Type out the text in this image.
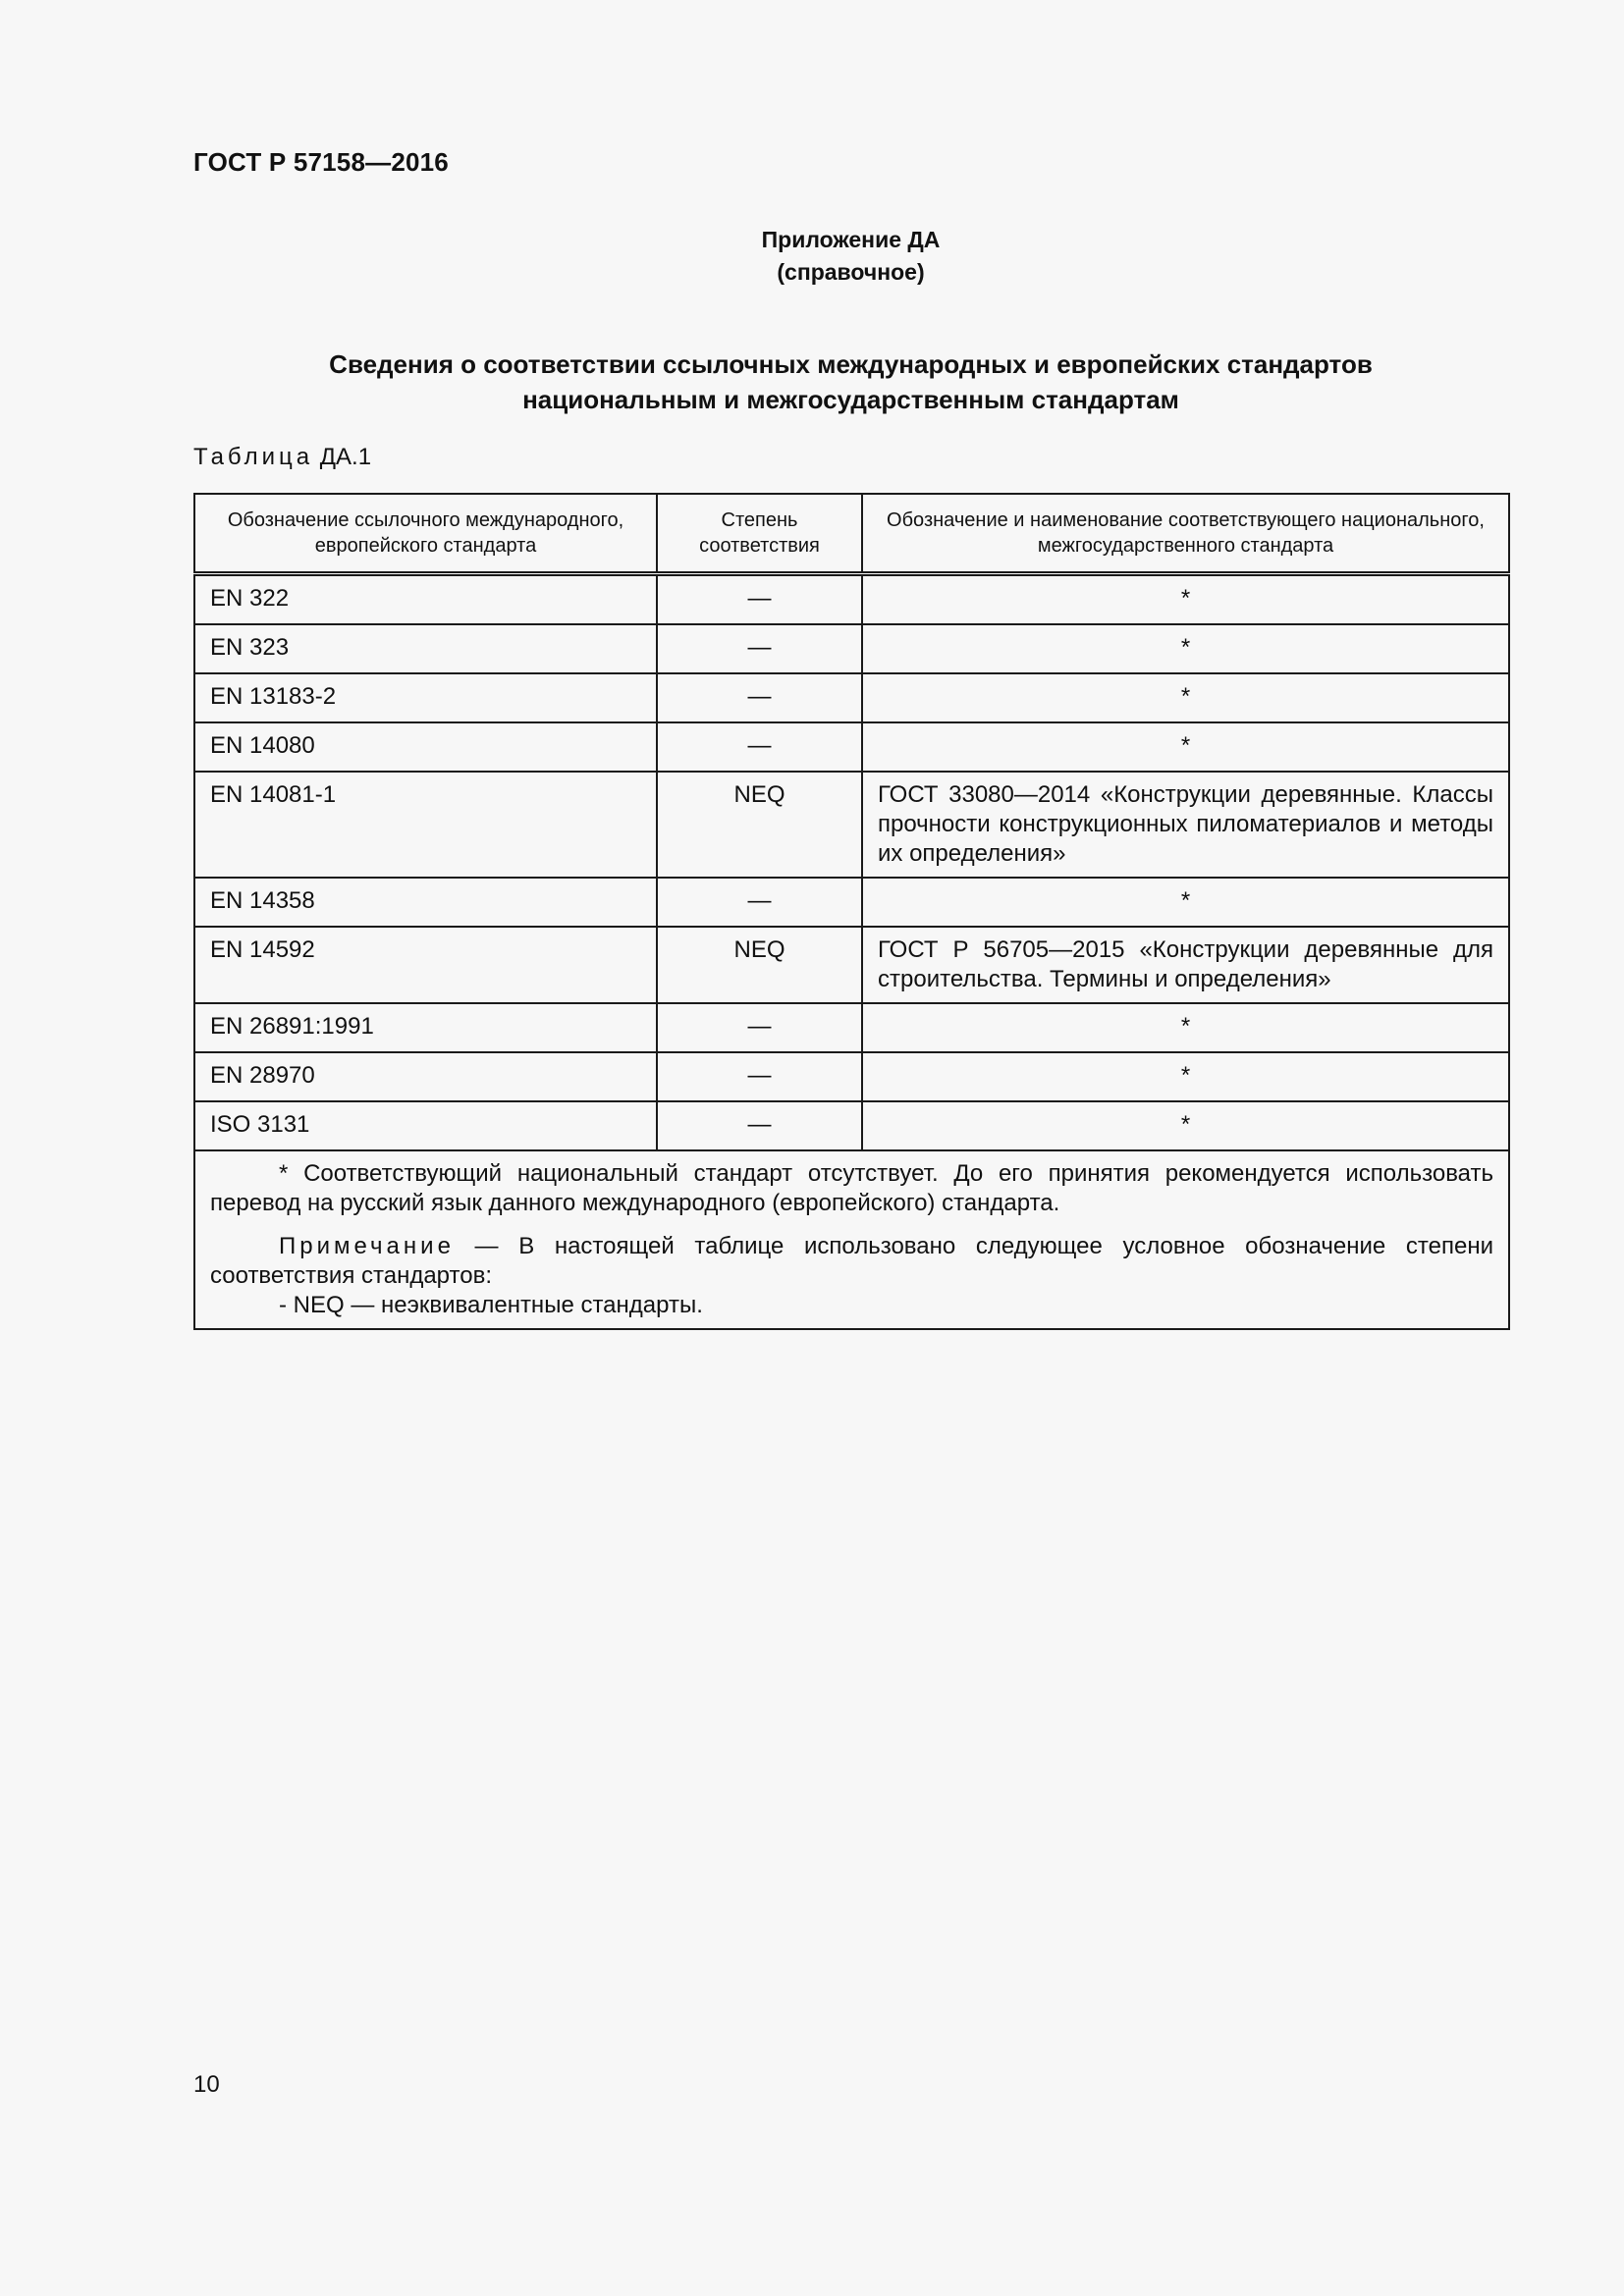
ГОСТ Р 57158—2016
Приложение ДА
(справочное)
Сведения о соответствии ссылочных международных и европейских стандартов
национальным и межгосударственным стандартам
Таблица ДА.1
Обозначение ссылочного международного, европейского стандарта	Степень соответствия	Обозначение и наименование соответствующего национального, межгосударственного стандарта
EN 322	—	*
EN 323	—	*
EN 13183-2	—	*
EN 14080	—	*
EN 14081-1	NEQ	ГОСТ 33080—2014 «Конструкции деревянные. Классы прочности конструкционных пиломатериалов и методы их определения»
EN 14358	—	*
EN 14592	NEQ	ГОСТ Р 56705—2015 «Конструкции деревянные для строительства. Термины и определения»
EN 26891:1991	—	*
EN 28970	—	*
ISO 3131	—	*

* Соответствующий национальный стандарт отсутствует. До его принятия рекомендуется использовать перевод на русский язык данного международного (европейского) стандарта.

Примечание — В настоящей таблице использовано следующее условное обозначение степени соответствия стандартов:

- NEQ — неэквивалентные стандарты.		

10
